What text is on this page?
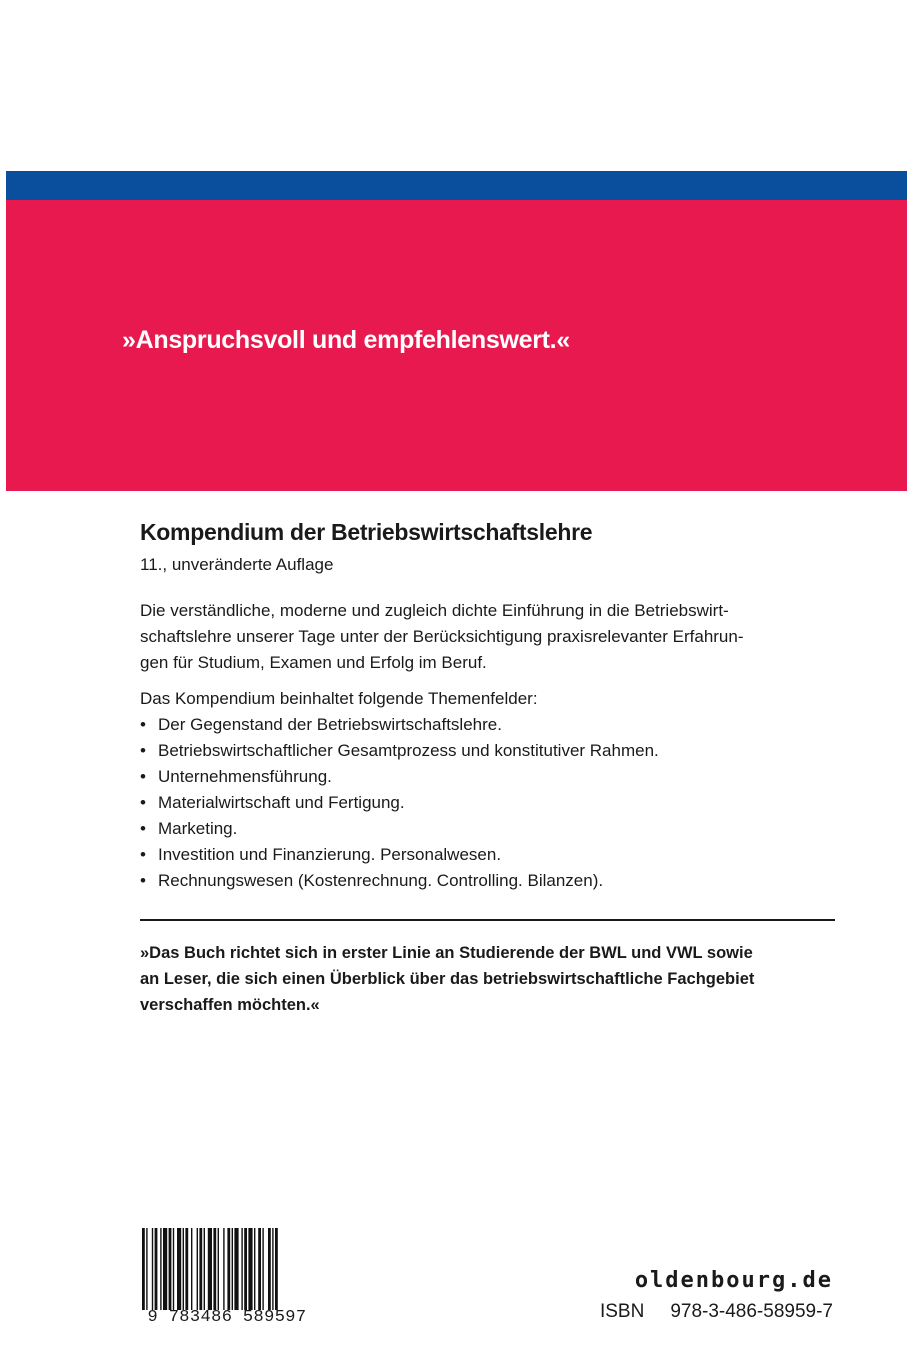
»Anspruchsvoll und empfehlenswert.«

Kompendium der Betriebswirtschaftslehre

11., unveränderte Auflage

Die verständliche, moderne und zugleich dichte Einführung in die Betriebswirt-
schaftslehre unserer Tage unter der Berücksichtigung praxisrelevanter Erfahrun-
gen für Studium, Examen und Erfolg im Beruf.

Das Kompendium beinhaltet folgende Themenfelder:

• Der Gegenstand der Betriebswirtschaftslehre.
• Betriebswirtschaftlicher Gesamtprozess und konstitutiver Rahmen.
• Unternehmensführung.
• Materialwirtschaft und Fertigung.
• Marketing.
• Investition und Finanzierung. Personalwesen.
• Rechnungswesen (Kostenrechnung. Controlling. Bilanzen).

»Das Buch richtet sich in erster Linie an Studierende der BWL und VWL sowie
an Leser, die sich einen Überblick über das betriebswirtschaftliche Fachgebiet
verschaffen möchten.«

9 783486 589597

oldenbourg.de

ISBN 978-3-486-58959-7
